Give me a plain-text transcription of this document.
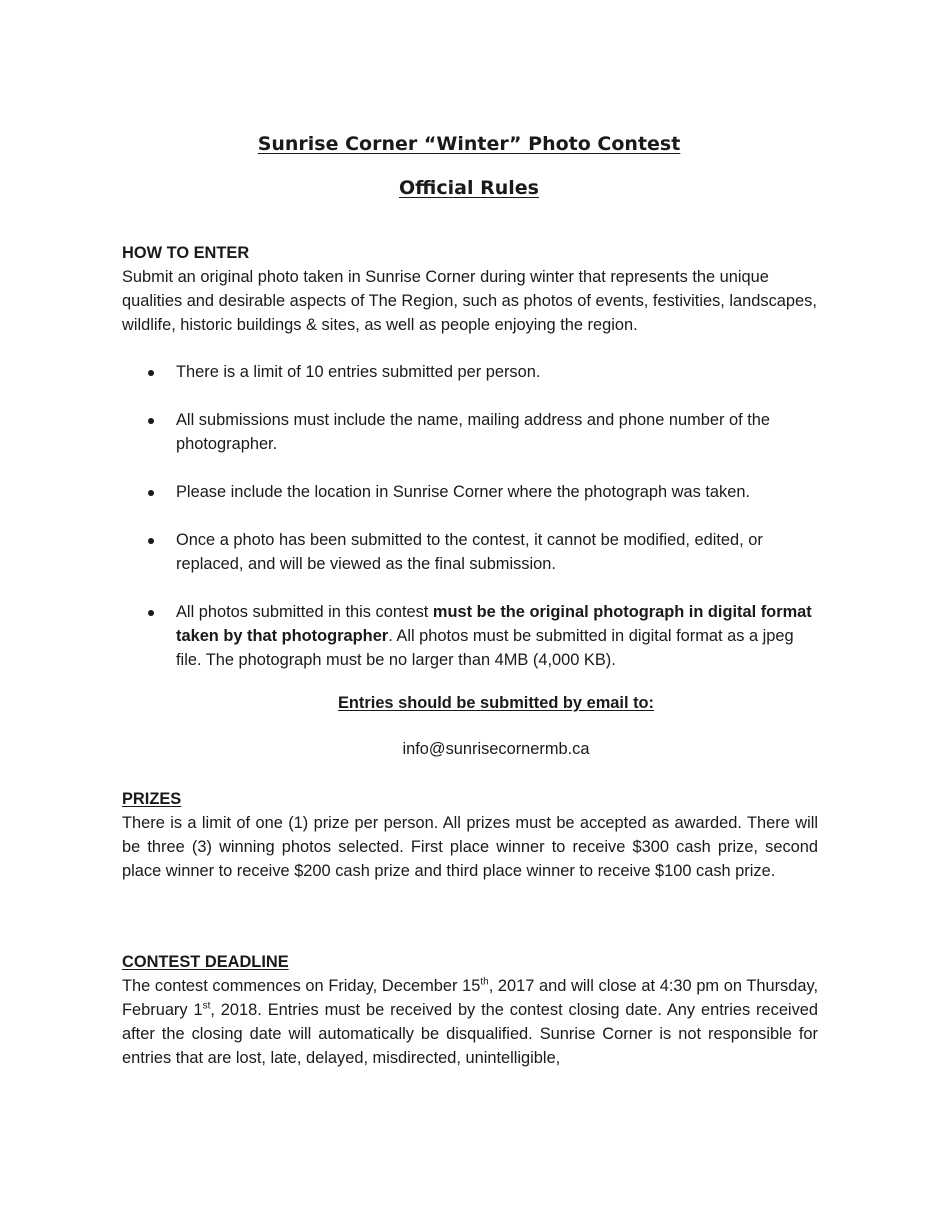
Sunrise Corner “Winter” Photo Contest
Official Rules

HOW TO ENTER

Submit an original photo taken in Sunrise Corner during winter that represents the unique qualities and desirable aspects of The Region, such as photos of events, festivities, landscapes, wildlife, historic buildings & sites, as well as people enjoying the region.

There is a limit of 10 entries submitted per person.
All submissions must include the name, mailing address and phone number of the photographer.
Please include the location in Sunrise Corner where the photograph was taken.
Once a photo has been submitted to the contest, it cannot be modified, edited, or replaced, and will be viewed as the final submission.
All photos submitted in this contest must be the original photograph in digital format taken by that photographer. All photos must be submitted in digital format as a jpeg file. The photograph must be no larger than 4MB (4,000 KB).

Entries should be submitted by email to:

info@sunrisecornermb.ca

PRIZES

There is a limit of one (1) prize per person. All prizes must be accepted as awarded. There will be three (3) winning photos selected. First place winner to receive $300 cash prize, second place winner to receive $200 cash prize and third place winner to receive $100 cash prize.

CONTEST DEADLINE

The contest commences on Friday, December 15th, 2017 and will close at 4:30 pm on Thursday, February 1st, 2018. Entries must be received by the contest closing date. Any entries received after the closing date will automatically be disqualified. Sunrise Corner is not responsible for entries that are lost, late, delayed, misdirected, unintelligible,
